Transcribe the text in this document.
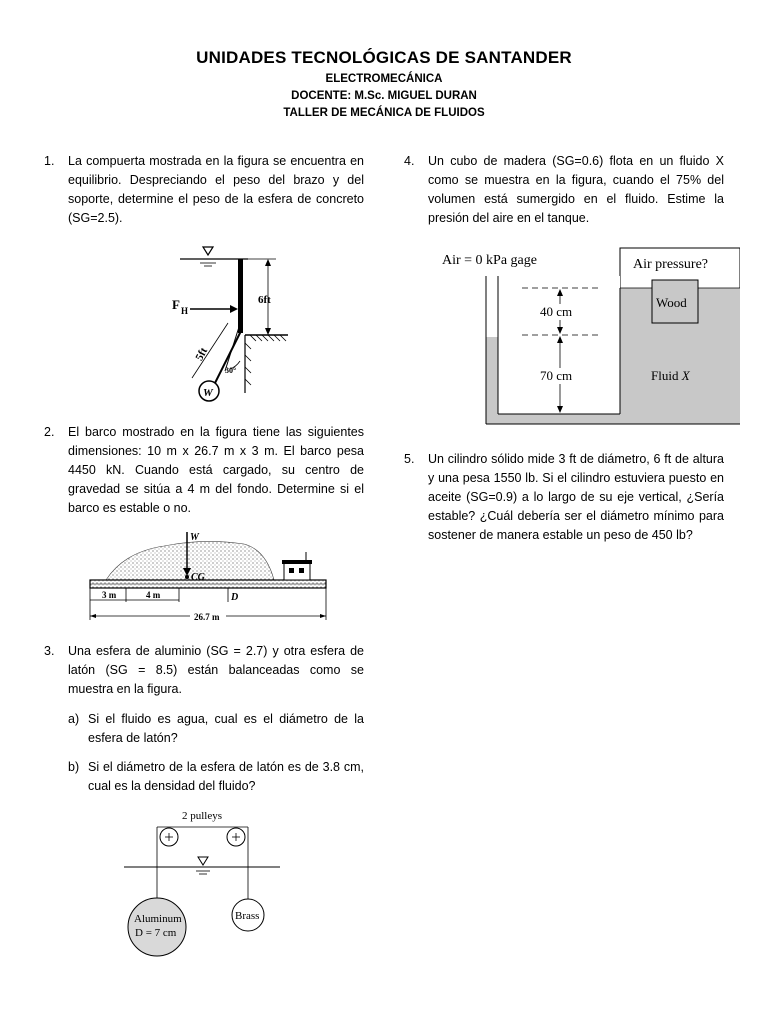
UNIDADES TECNOLÓGICAS DE SANTANDER
ELECTROMECÁNICA
DOCENTE: M.Sc. MIGUEL DURAN
TALLER DE MECÁNICA DE FLUIDOS
1.	La compuerta mostrada en la figura se encuentra en equilibrio. Despreciando el peso del brazo y del soporte, determine el peso de la esfera de concreto (SG=2.5).
6ft
F H
5ft
30°
W
2.	El barco mostrado en la figura tiene las siguientes dimensiones: 10 m x 26.7 m x 3 m. El barco pesa 4450 kN. Cuando está cargado, su centro de gravedad se sitúa a 4 m del fondo. Determine si el barco es estable o no.
W
CG
3 m	4 m	D
26.7 m
3.	Una esfera de aluminio (SG = 2.7) y otra esfera de latón (SG = 8.5) están balanceadas como se muestra en la figura.
a) Si el fluido es agua, cual es el diámetro de la esfera de latón?
b) Si el diámetro de la esfera de latón es de 3.8 cm, cual es la densidad del fluido?
2 pulleys
Aluminum
D = 7 cm
Brass
4.	Un cubo de madera (SG=0.6) flota en un fluido X como se muestra en la figura, cuando el 75% del volumen está sumergido en el fluido. Estime la presión del aire en el tanque.
Air = 0 kPa gage	Air pressure?
Wood
Fluid X
40 cm
70 cm
5.	Un cilindro sólido mide 3 ft de diámetro, 6 ft de altura y una pesa 1550 lb. Si el cilindro estuviera puesto en aceite (SG=0.9) a lo largo de su eje vertical, ¿Sería estable? ¿Cuál debería ser el diámetro mínimo para sostener de manera estable un peso de 450 lb?
